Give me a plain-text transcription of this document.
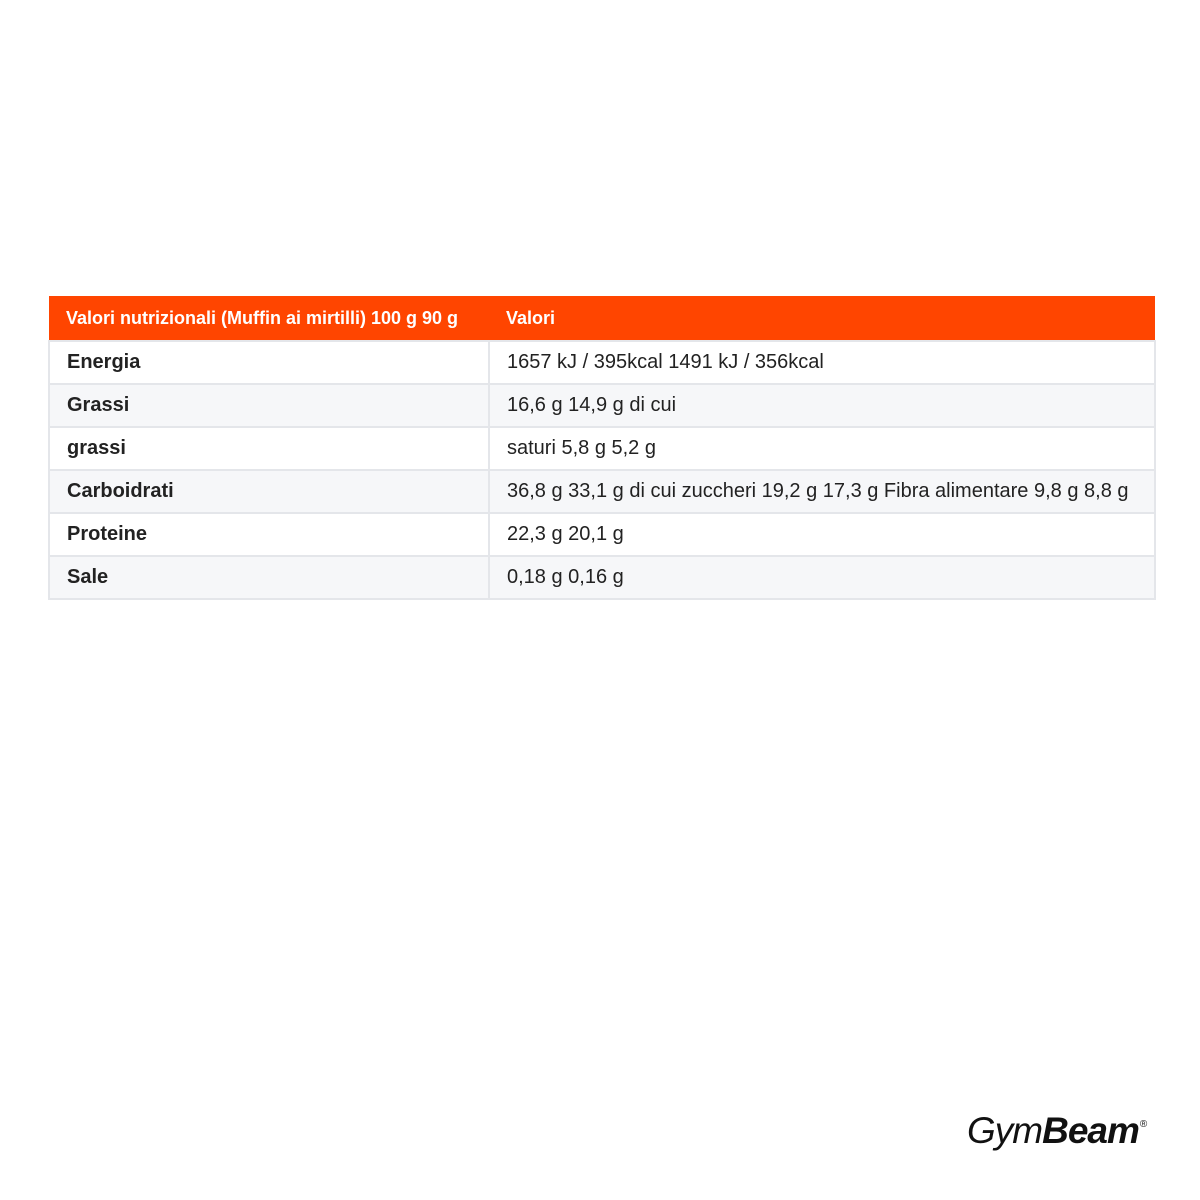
Valori nutrizionali (Muffin ai mirtilli) 100 g 90 g	Valori
Energia	1657 kJ / 395kcal 1491 kJ / 356kcal
Grassi	16,6 g 14,9 g di cui
grassi	saturi 5,8 g 5,2 g
Carboidrati	36,8 g 33,1 g di cui zuccheri 19,2 g 17,3 g Fibra alimentare 9,8 g 8,8 g
Proteine	22,3 g 20,1 g
Sale	0,18 g 0,16 g
GymBeam®
